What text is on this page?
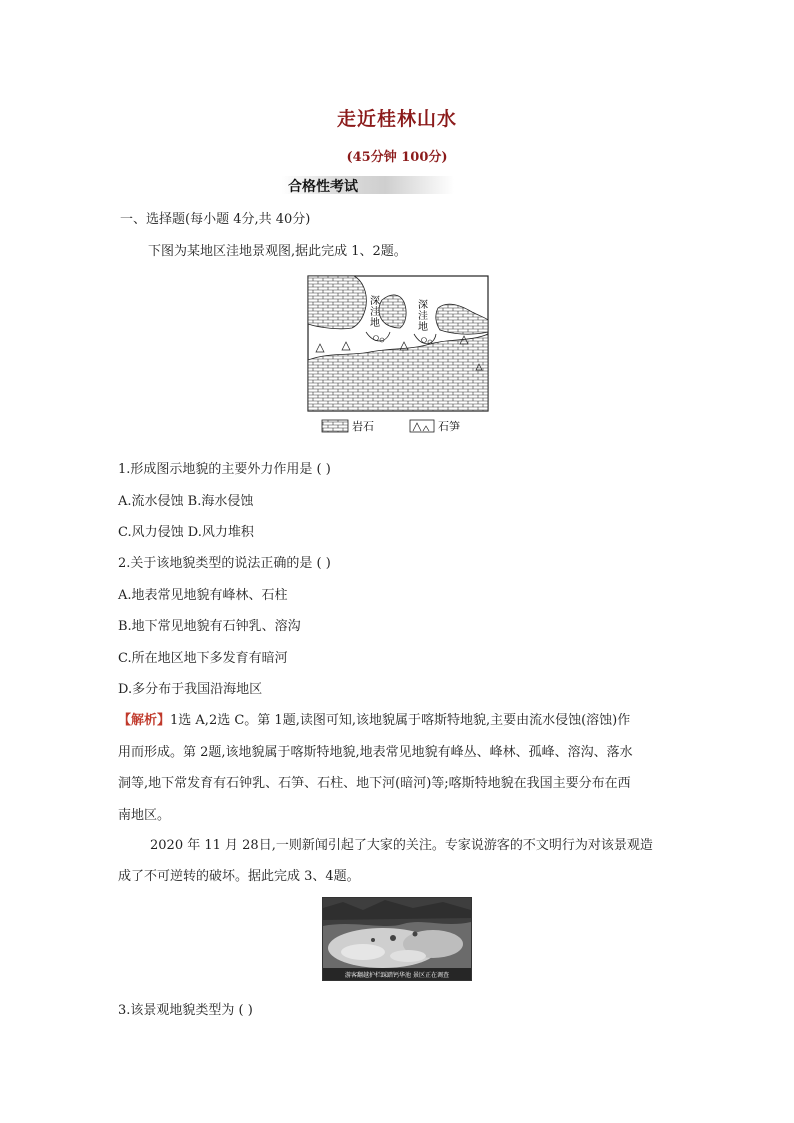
走近桂林山水
(45分钟 100分)
合格性考试
一、选择题(每小题 4分,共 40分)
下图为某地区洼地景观图,据此完成 1、2题。
深
洼
地
深
洼
地
岩石	石笋
1.形成图示地貌的主要外力作用是 ( )
A.流水侵蚀 B.海水侵蚀
C.风力侵蚀 D.风力堆积
2.关于该地貌类型的说法正确的是 ( )
A.地表常见地貌有峰林、石柱
B.地下常见地貌有石钟乳、溶沟
C.所在地区地下多发育有暗河
D.多分布于我国沿海地区
【解析】1选 A,2选 C。第 1题,读图可知,该地貌属于喀斯特地貌,主要由流水侵蚀(溶蚀)作
用而形成。第 2题,该地貌属于喀斯特地貌,地表常见地貌有峰丛、峰林、孤峰、溶沟、落水
洞等,地下常发育有石钟乳、石笋、石柱、地下河(暗河)等;喀斯特地貌在我国主要分布在西
南地区。
2020 年 11 月 28日,一则新闻引起了大家的关注。专家说游客的不文明行为对该景观造
成了不可逆转的破坏。据此完成 3、4题。
游客翻越护栏踩踏钙华池 景区正在调查
3.该景观地貌类型为 ( )
